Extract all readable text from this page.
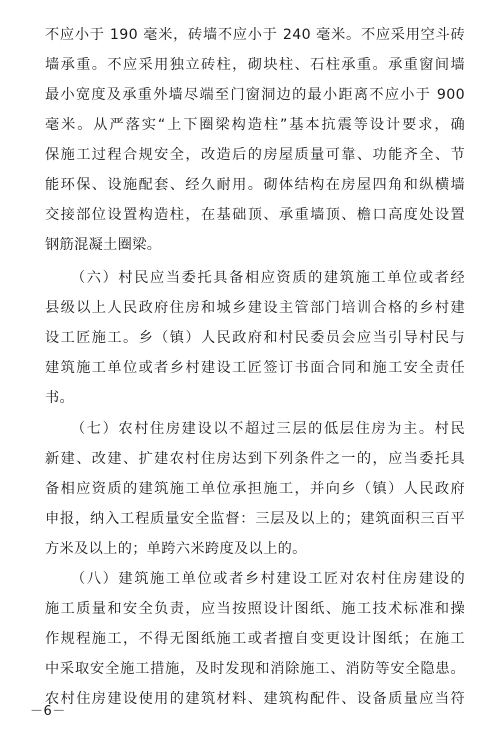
不应小于 190 毫米，砖墙不应小于 240 毫米。不应采用空斗砖
墙承重。不应采用独立砖柱，砌块柱、石柱承重。承重窗间墙
最小宽度及承重外墙尽端至门窗洞边的最小距离不应小于 900
毫米。从严落实“上下圈梁构造柱”基本抗震等设计要求，确
保施工过程合规安全，改造后的房屋质量可靠、功能齐全、节
能环保、设施配套、经久耐用。砌体结构在房屋四角和纵横墙
交接部位设置构造柱，在基础顶、承重墙顶、檐口高度处设置
钢筋混凝土圈梁。
（六）村民应当委托具备相应资质的建筑施工单位或者经
县级以上人民政府住房和城乡建设主管部门培训合格的乡村建
设工匠施工。乡（镇）人民政府和村民委员会应当引导村民与
建筑施工单位或者乡村建设工匠签订书面合同和施工安全责任
书。
（七）农村住房建设以不超过三层的低层住房为主。村民
新建、改建、扩建农村住房达到下列条件之一的，应当委托具
备相应资质的建筑施工单位承担施工，并向乡（镇）人民政府
申报，纳入工程质量安全监督：三层及以上的；建筑面积三百平
方米及以上的；单跨六米跨度及以上的。
（八）建筑施工单位或者乡村建设工匠对农村住房建设的
施工质量和安全负责，应当按照设计图纸、施工技术标准和操
作规程施工，不得无图纸施工或者擅自变更设计图纸；在施工
中采取安全施工措施，及时发现和消除施工、消防等安全隐患。
农村住房建设使用的建筑材料、建筑构配件、设备质量应当符
－6－
